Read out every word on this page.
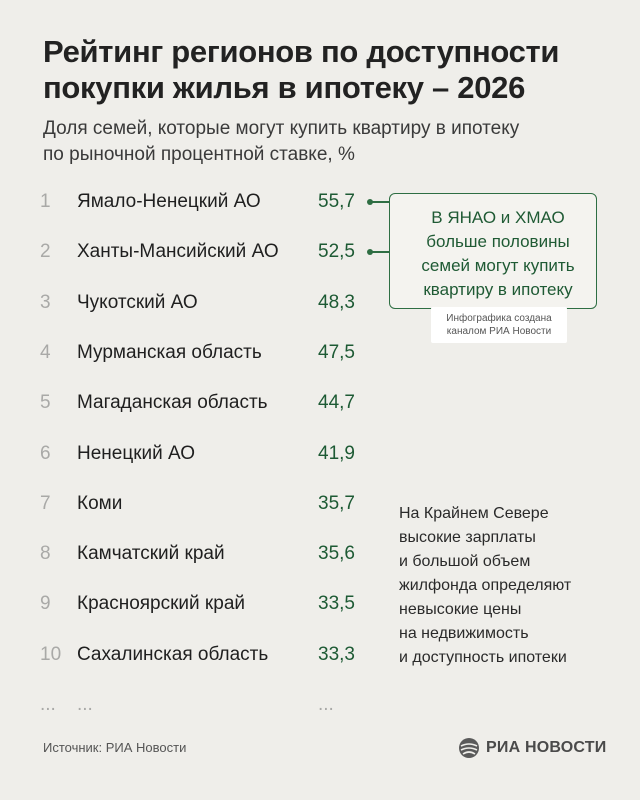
Рейтинг регионов по доступности
покупки жилья в ипотеку – 2026
Доля семей, которые могут купить квартиру в ипотеку
по рыночной процентной ставке, %
1 Ямало-Ненецкий АО	55,7
2 Ханты-Мансийский АО 52,5
3 Чукотский АО	48,3
4 Мурманская область	47,5
5 Магаданская область	44,7
6 Ненецкий АО	41,9
7 Коми	35,7
8 Камчатский край	35,6
9 Красноярский край	33,5
10 Сахалинская область	33,3
... ...	...
В ЯНАО и ХМАО
больше половины
семей могут купить
квартиру в ипотеку
Инфографика создана
каналом РИА Новости
На Крайнем Севере
высокие зарплаты
и большой объем
жилфонда определяют
невысокие цены
на недвижимость
и доступность ипотеки
Источник: РИА Новости	РИА НОВОСТИ
